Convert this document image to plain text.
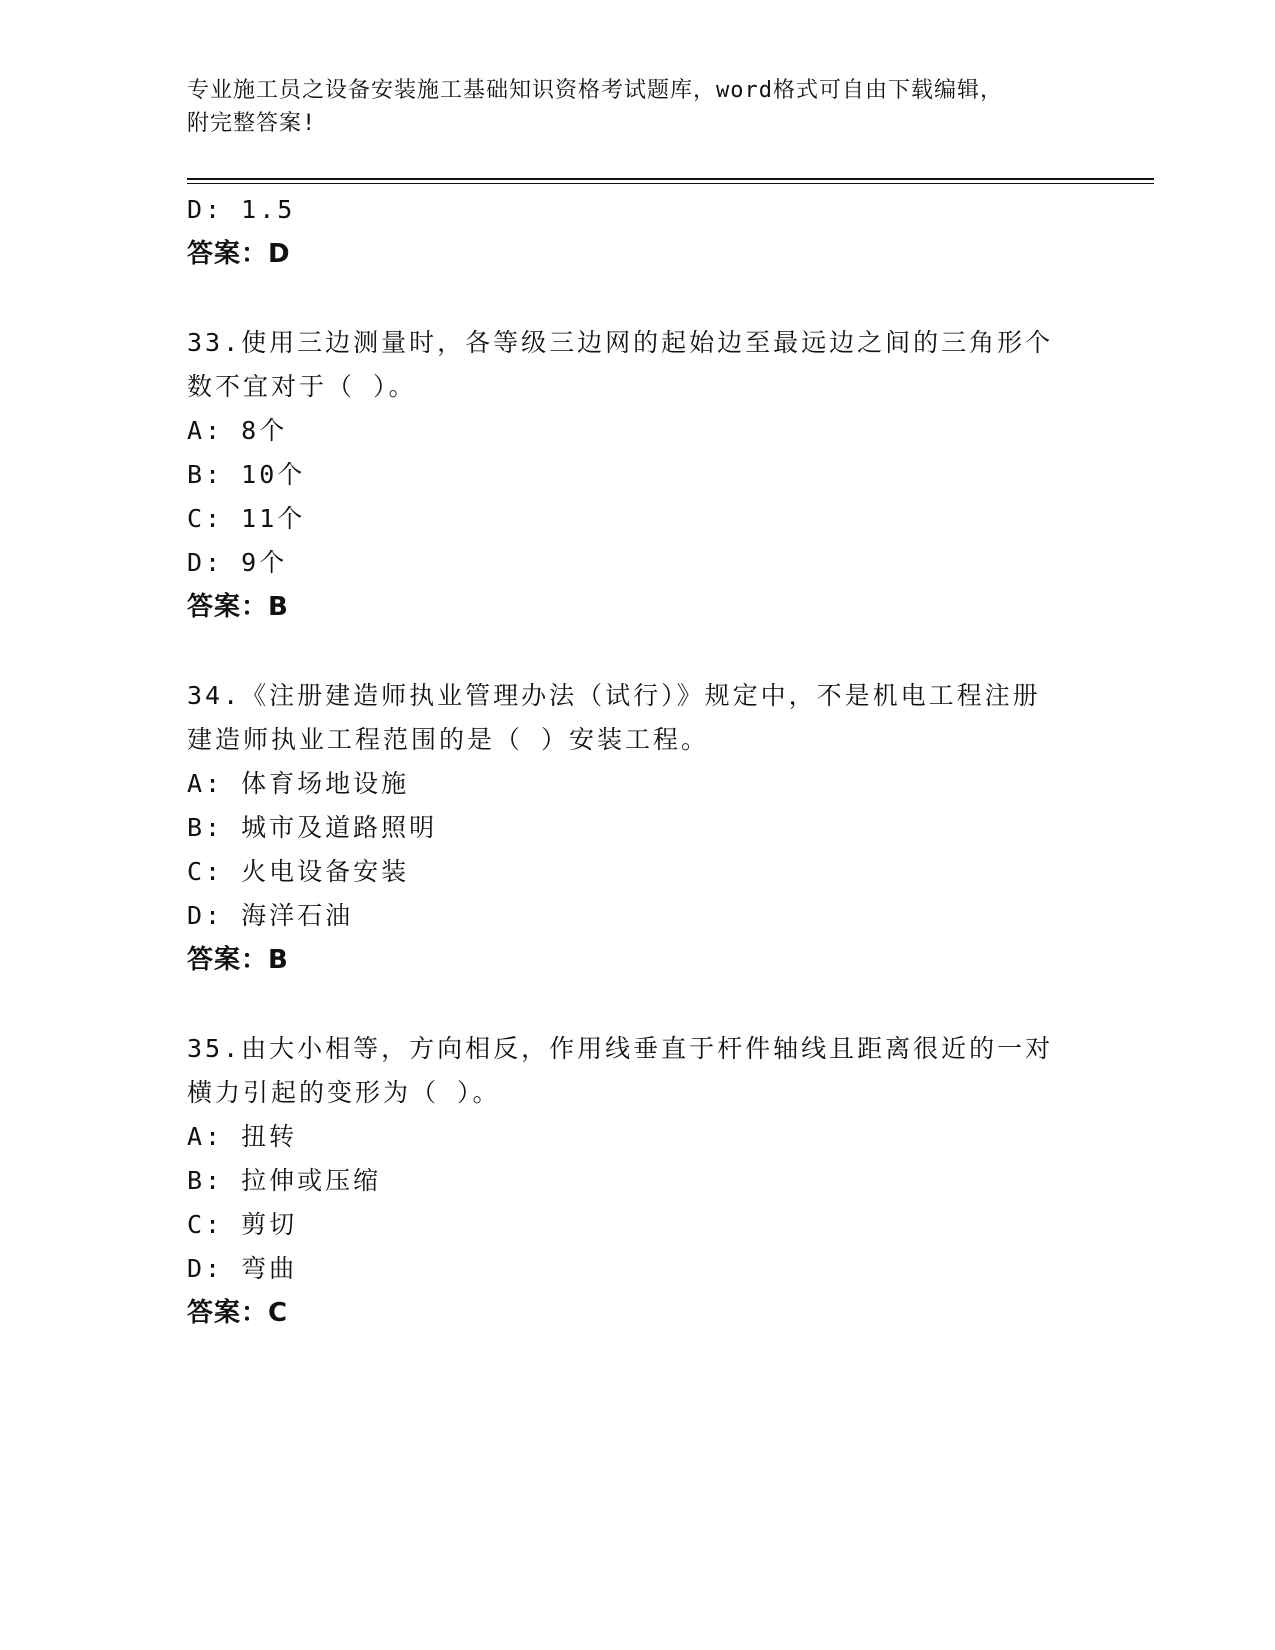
专业施工员之设备安装施工基础知识资格考试题库，word格式可自由下载编辑，
附完整答案!
D: 1.5
答案：D
33.使用三边测量时，各等级三边网的起始边至最远边之间的三角形个
数不宜对于（ ）。
A: 8个
B: 10个
C: 11个
D: 9个
答案：B
34.《注册建造师执业管理办法（试行）》规定中，不是机电工程注册
建造师执业工程范围的是（ ）安装工程。
A: 体育场地设施
B: 城市及道路照明
C: 火电设备安装
D: 海洋石油
答案：B
35.由大小相等，方向相反，作用线垂直于杆件轴线且距离很近的一对
横力引起的变形为（ ）。
A: 扭转
B: 拉伸或压缩
C: 剪切
D: 弯曲
答案：C
